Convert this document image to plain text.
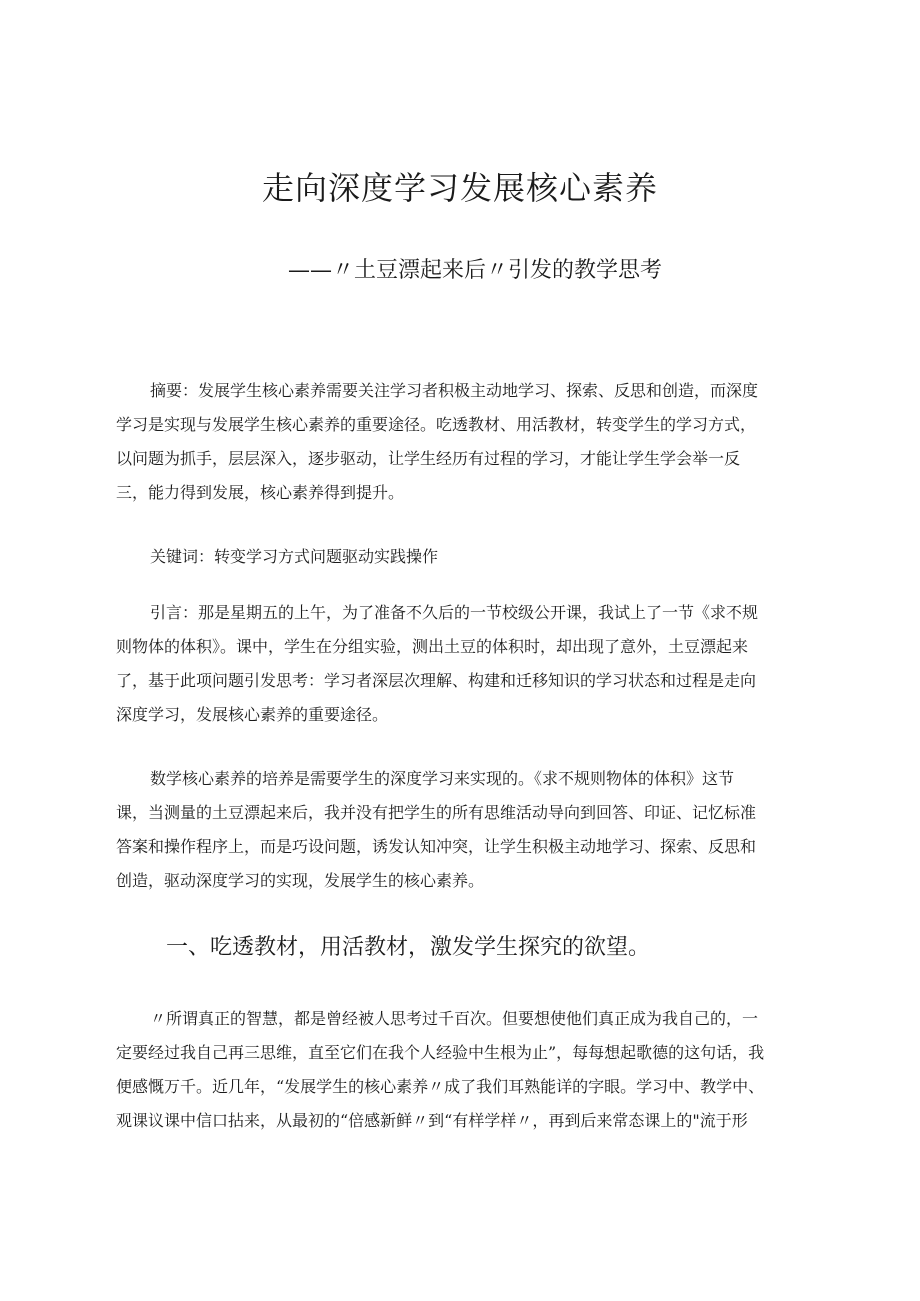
走向深度学习发展核心素养
——〃土豆漂起来后〃引发的教学思考
摘要：发展学生核心素养需要关注学习者积极主动地学习、探索、反思和创造，而深度
学习是实现与发展学生核心素养的重要途径。吃透教材、用活教材，转变学生的学习方式，
以问题为抓手，层层深入，逐步驱动，让学生经历有过程的学习，才能让学生学会举一反
三，能力得到发展，核心素养得到提升。
关键词：转变学习方式问题驱动实践操作
引言：那是星期五的上午，为了准备不久后的一节校级公开课，我试上了一节《求不规
则物体的体积》。课中，学生在分组实验，测出土豆的体积时，却出现了意外，土豆漂起来
了，基于此项问题引发思考：学习者深层次理解、构建和迁移知识的学习状态和过程是走向
深度学习，发展核心素养的重要途径。
数学核心素养的培养是需要学生的深度学习来实现的。《求不规则物体的体积》这节
课，当测量的土豆漂起来后，我并没有把学生的所有思维活动导向到回答、印证、记忆标准
答案和操作程序上，而是巧设问题，诱发认知冲突，让学生积极主动地学习、探索、反思和
创造，驱动深度学习的实现，发展学生的核心素养。
一、吃透教材，用活教材，激发学生探究的欲望。
〃所谓真正的智慧，都是曾经被人思考过千百次。但要想使他们真正成为我自己的，一
定要经过我自己再三思维，直至它们在我个人经验中生根为止”，每每想起歌德的这句话，我
便感慨万千。近几年，“发展学生的核心素养〃成了我们耳熟能详的字眼。学习中、教学中、
观课议课中信口拈来，从最初的“倍感新鲜〃到“有样学样〃，再到后来常态课上的"流于形
